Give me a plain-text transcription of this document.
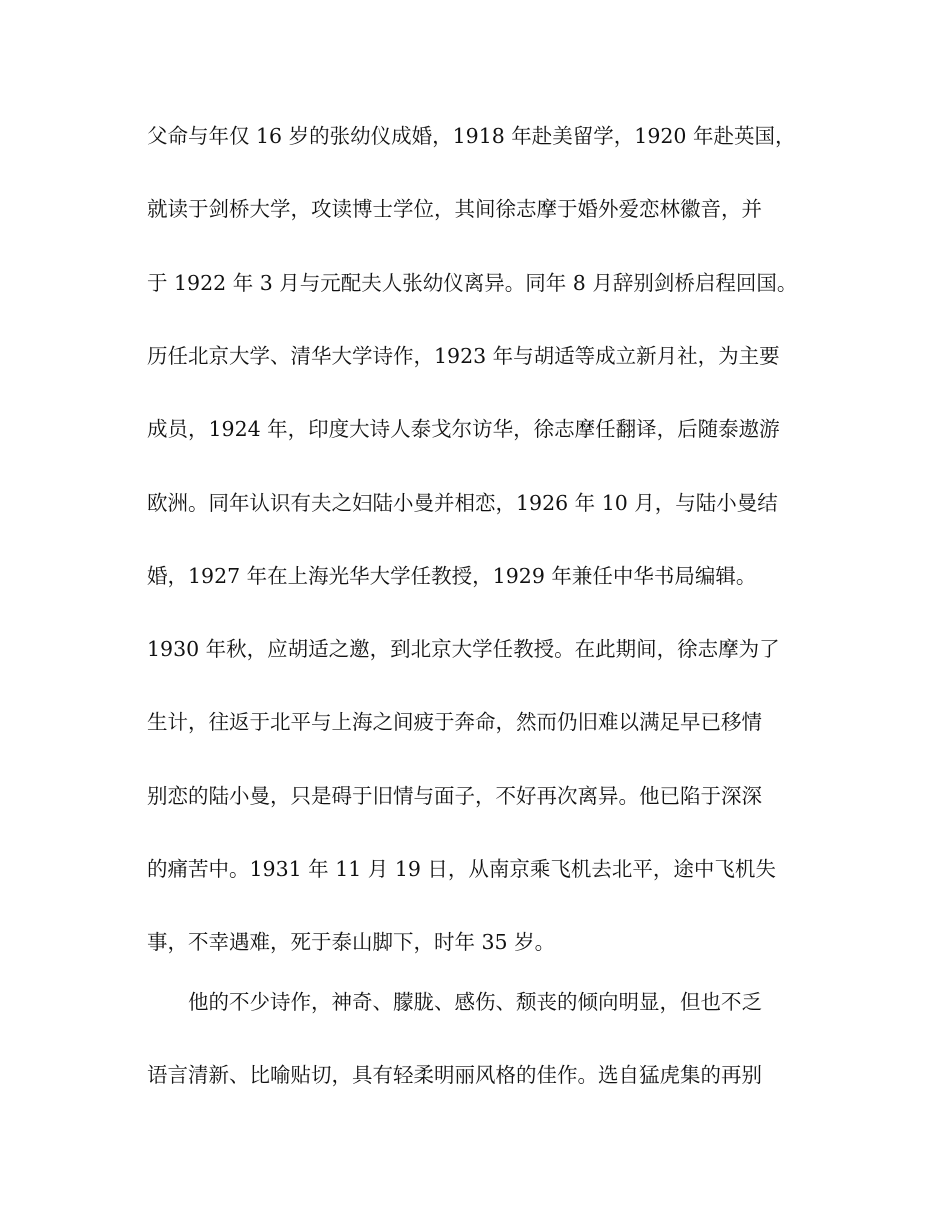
父命与年仅 16 岁的张幼仪成婚，1918 年赴美留学，1920 年赴英国，
就读于剑桥大学，攻读博士学位，其间徐志摩于婚外爱恋林徽音，并
于 1922 年 3 月与元配夫人张幼仪离异。同年 8 月辞别剑桥启程回国。
历任北京大学、清华大学诗作，1923 年与胡适等成立新月社，为主要
成员，1924 年，印度大诗人泰戈尔访华，徐志摩任翻译，后随泰遨游
欧洲。同年认识有夫之妇陆小曼并相恋，1926 年 10 月，与陆小曼结
婚，1927 年在上海光华大学任教授，1929 年兼任中华书局编辑。
1930 年秋，应胡适之邀，到北京大学任教授。在此期间，徐志摩为了
生计，往返于北平与上海之间疲于奔命，然而仍旧难以满足早已移情
别恋的陆小曼，只是碍于旧情与面子，不好再次离异。他已陷于深深
的痛苦中。1931 年 11 月 19 日，从南京乘飞机去北平，途中飞机失
事，不幸遇难，死于泰山脚下，时年 35 岁。
他的不少诗作，神奇、朦胧、感伤、颓丧的倾向明显，但也不乏
语言清新、比喻贴切，具有轻柔明丽风格的佳作。选自猛虎集的再别
